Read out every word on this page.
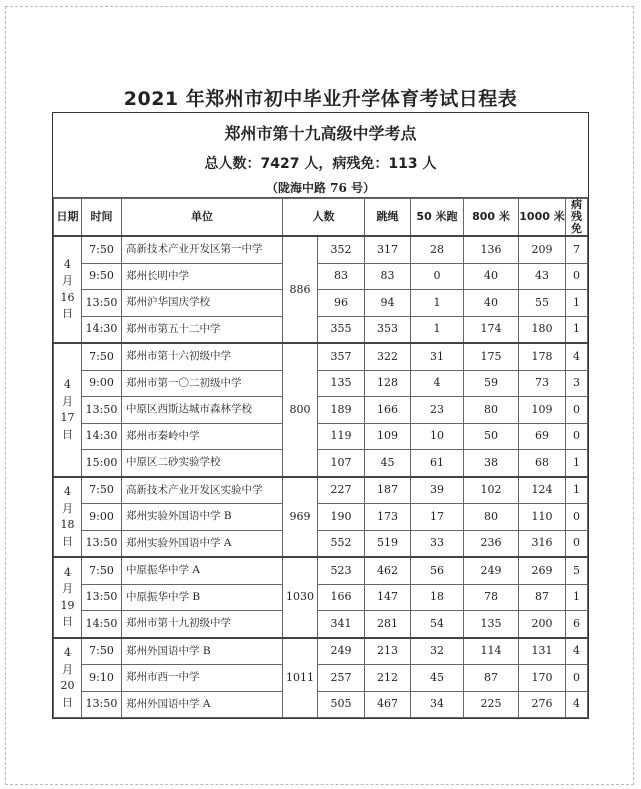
2021 年郑州市初中毕业升学体育考试日程表
郑州市第十九高级中学考点
总人数：7427 人，病残免：113 人
（陇海中路 76 号）
日期	时间	单位	人数		跳绳	50 米跑	800 米	1000 米	病残免

4
月
16
日	7:50	高新技术产业开发区第一中学	886	352	317	28	136	209	7
	9:50	郑州长明中学		83	83	0	40	43	0
	13:50	郑州沪华国庆学校		96	94	1	40	55	1
	14:30	郑州市第五十二中学		355	353	1	174	180	1

4
月
17
日	7:50	郑州市第十六初级中学	800	357	322	31	175	178	4
	9:00	郑州市第一〇二初级中学		135	128	4	59	73	3
	13:50	中原区西斯达城市森林学校		189	166	23	80	109	0
	14:30	郑州市秦岭中学		119	109	10	50	69	0
	15:00	中原区二砂实验学校		107	45	61	38	68	1

4
月
18
日	7:50	高新技术产业开发区实验中学	969	227	187	39	102	124	1
	9:00	郑州实验外国语中学 B		190	173	17	80	110	0
	13:50	郑州实验外国语中学 A		552	519	33	236	316	0

4
月
19
日	7:50	中原振华中学 A	1030	523	462	56	249	269	5
	13:50	中原振华中学 B		166	147	18	78	87	1
	14:50	郑州市第十九初级中学		341	281	54	135	200	6

4
月
20
日	7:50	郑州外国语中学 B	1011	249	213	32	114	131	4
	9:10	郑州市西一中学		257	212	45	87	170	0
	13:50	郑州外国语中学 A		505	467	34	225	276	4
